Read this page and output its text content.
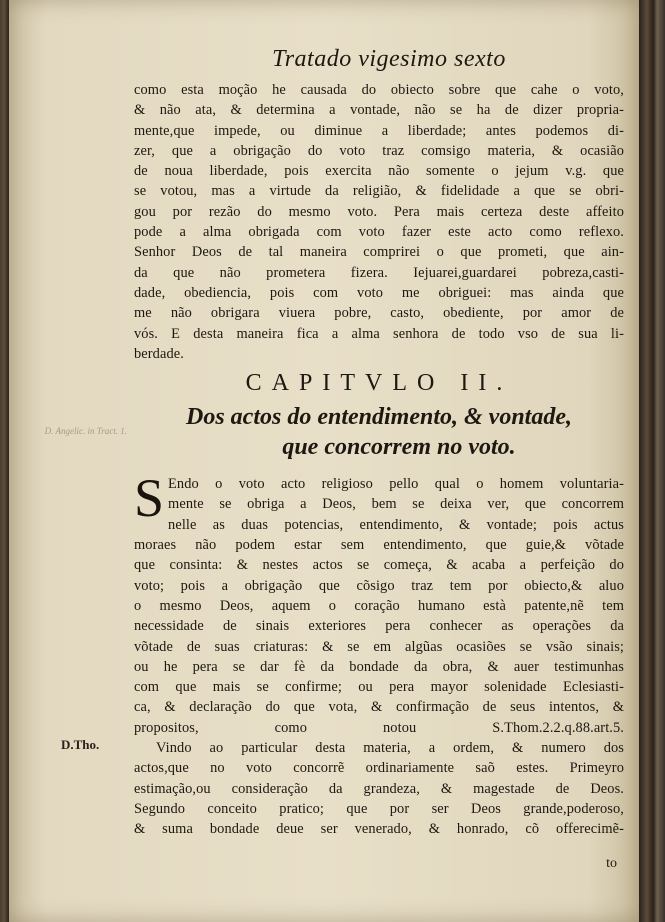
D. Angelic. in Tract. 1.
D.Tho.
Tratado vigesimo sexto
como esta moção he causada do obiecto sobre que cahe o voto,
& não ata, & determina a vontade, não se ha de dizer propria-
mente,que impede, ou diminue a liberdade; antes podemos di-
zer, que a obrigação do voto traz comsigo materia, & ocasião
de noua liberdade, pois exercita não somente o jejum v.g. que
se votou, mas a virtude da religião, & fidelidade a que se obri-
gou por rezão do mesmo voto. Pera mais certeza deste affeito
pode a alma obrigada com voto fazer este acto como reflexo.
Senhor Deos de tal maneira comprirei o que prometi, que ain-
da que não prometera fizera. Iejuarei,guardarei pobreza,casti-
dade, obediencia, pois com voto me obriguei: mas ainda que
me não obrigara viuera pobre, casto, obediente, por amor de
vós. E desta maneira fica a alma senhora de todo vso de sua li-
berdade.
CAPITVLO II.
Dos actos do entendimento, & vontade,
que concorrem no voto.
S Endo o voto acto religioso pello qual o homem voluntaria-
mente se obriga a Deos, bem se deixa ver, que concorrem
nelle as duas potencias, entendimento, & vontade; pois actus
moraes não podem estar sem entendimento, que guie,& võtade
que consinta: & nestes actos se começa, & acaba a perfeição do
voto; pois a obrigação que cõsigo traz tem por obiecto,& aluo
o mesmo Deos, aquem o coração humano està patente,nẽ tem
necessidade de sinais exteriores pera conhecer as operações da
võtade de suas criaturas: & se em algũas ocasiões se vsão sinais;
ou he pera se dar fè da bondade da obra, & auer testimunhas
com que mais se confirme; ou pera mayor solenidade Eclesiasti-
ca, & declaração do que vota, & confirmação de seus intentos, &
propositos, como notou S.Thom.2.2.q.88.art.5.
Vindo ao particular desta materia, a ordem, & numero dos
actos,que no voto concorrẽ ordinariamente saõ estes. Primeyro
estimação,ou consideração da grandeza, & magestade de Deos.
Segundo conceito pratico; que por ser Deos grande,poderoso,
& suma bondade deue ser venerado, & honrado, cõ offerecimẽ-
to
